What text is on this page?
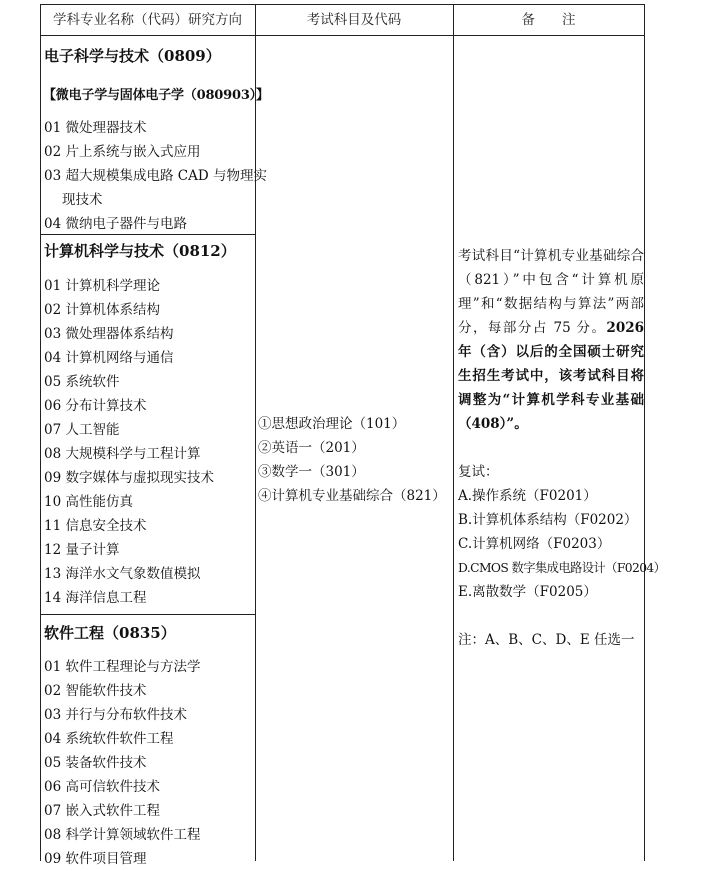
学科专业名称（代码）研究方向	考试科目及代码	备　　注
电子科学与技术（0809）
【微电子学与固体电子学（080903）】
01 微处理器技术
02 片上系统与嵌入式应用
03 超大规模集成电路 CAD 与物理实
现技术
04 微纳电子器件与电路
计算机科学与技术（0812）
01 计算机科学理论
02 计算机体系结构
03 微处理器体系结构
04 计算机网络与通信
05 系统软件
06 分布计算技术
07 人工智能
08 大规模科学与工程计算
09 数字媒体与虚拟现实技术
10 高性能仿真
11 信息安全技术
12 量子计算
13 海洋水文气象数值模拟
14 海洋信息工程
软件工程（0835）
01 软件工程理论与方法学
02 智能软件技术
03 并行与分布软件技术
04 系统软件软件工程
05 装备软件技术
06 高可信软件技术
07 嵌入式软件工程
08 科学计算领域软件工程
09 软件项目管理
①思想政治理论（101）
②英语一（201）
③数学一（301）
④计算机专业基础综合（821）
考试科目“计算机专业基础综合（821）”中包含“计算机原理”和“数据结构与算法”两部分，每部分占 75 分。2026 年（含）以后的全国硕士研究生招生考试中，该考试科目将调整为“计算机学科专业基础（408）”。
复试：
A.操作系统（F0201）
B.计算机体系结构（F0202）
C.计算机网络（F0203）
D.CMOS 数字集成电路设计（F0204）
E.离散数学（F0205）
注：A、B、C、D、E 任选一
